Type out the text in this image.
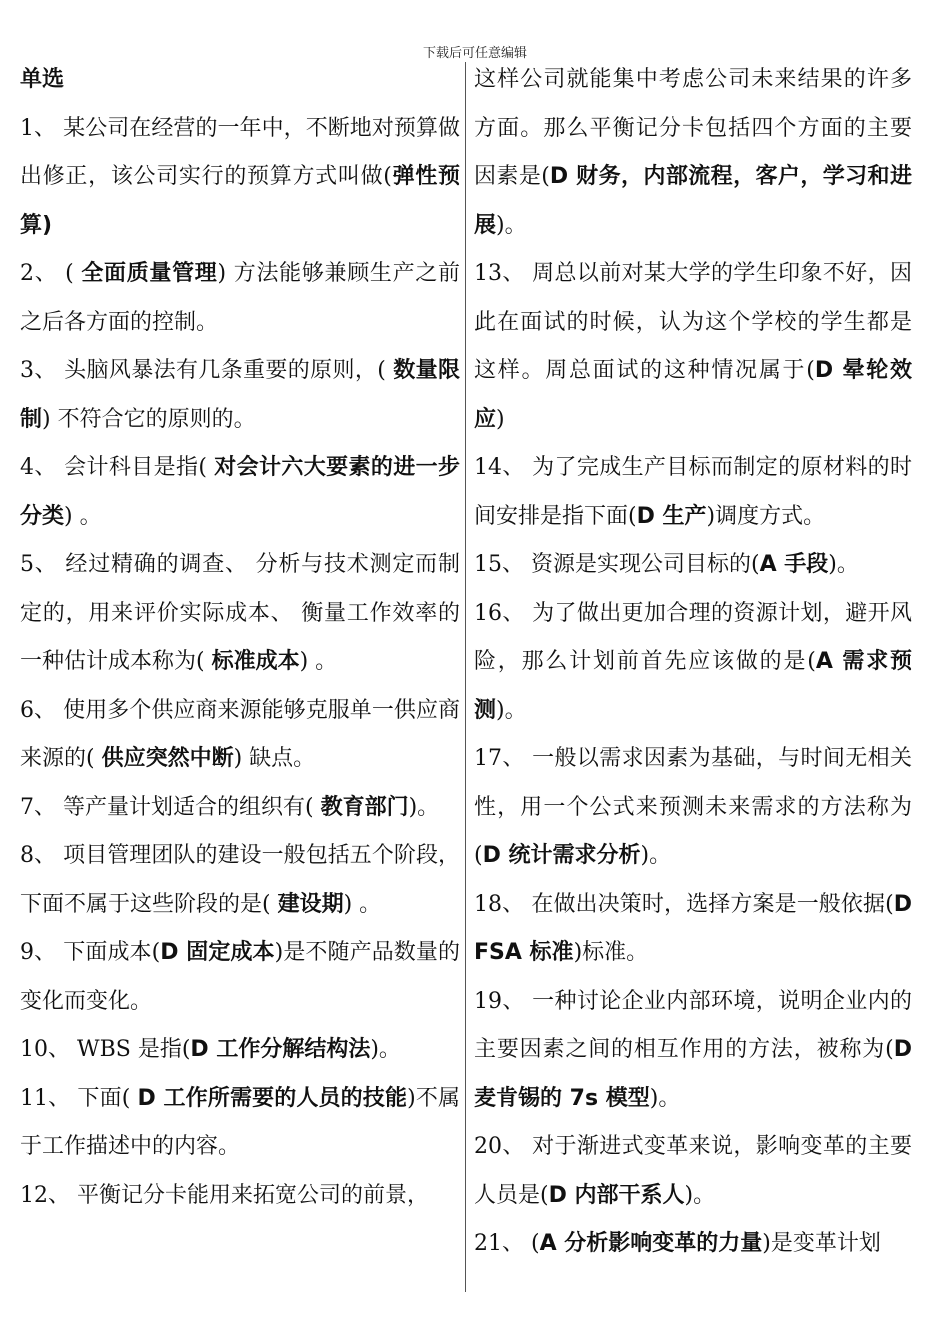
下载后可任意编辑

单选

1、 某公司在经营的一年中，不断地对预算做出修正，该公司实行的预算方式叫做(弹性预算)

2、 ( 全面质量管理) 方法能够兼顾生产之前之后各方面的控制。

3、 头脑风暴法有几条重要的原则，( 数量限制) 不符合它的原则的。

4、 会计科目是指( 对会计六大要素的进一步分类) 。

5、 经过精确的调查、 分析与技术测定而制定的，用来评价实际成本、 衡量工作效率的一种估计成本称为( 标准成本) 。

6、 使用多个供应商来源能够克服单一供应商来源的( 供应突然中断) 缺点。

7、 等产量计划适合的组织有( 教育部门)。

8、 项目管理团队的建设一般包括五个阶段，下面不属于这些阶段的是( 建设期) 。

9、 下面成本(D 固定成本)是不随产品数量的变化而变化。

10、 WBS 是指(D 工作分解结构法)。

11、 下面( D 工作所需要的人员的技能)不属于工作描述中的内容。

12、 平衡记分卡能用来拓宽公司的前景，

这样公司就能集中考虑公司未来结果的许多方面。那么平衡记分卡包括四个方面的主要因素是(D 财务，内部流程，客户，学习和进展)。

13、 周总以前对某大学的学生印象不好，因此在面试的时候，认为这个学校的学生都是这样。周总面试的这种情况属于(D 晕轮效应)

14、 为了完成生产目标而制定的原材料的时间安排是指下面(D 生产)调度方式。

15、 资源是实现公司目标的(A 手段)。

16、 为了做出更加合理的资源计划，避开风险，那么计划前首先应该做的是(A 需求预测)。

17、 一般以需求因素为基础，与时间无相关性，用一个公式来预测未来需求的方法称为(D 统计需求分析)。

18、 在做出决策时，选择方案是一般依据(D FSA 标准)标准。

19、 一种讨论企业内部环境，说明企业内的主要因素之间的相互作用的方法，被称为(D 麦肯锡的 7s 模型)。

20、 对于渐进式变革来说，影响变革的主要人员是(D 内部干系人)。

21、 (A 分析影响变革的力量)是变革计划
